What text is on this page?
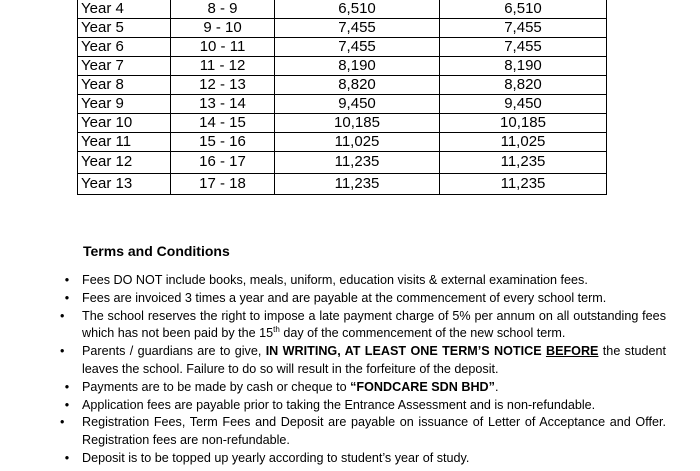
Year 4	8 - 9	6,510	6,510
Year 5	9 - 10	7,455	7,455
Year 6	10 - 11	7,455	7,455
Year 7	11 - 12	8,190	8,190
Year 8	12 - 13	8,820	8,820
Year 9	13 - 14	9,450	9,450
Year 10	14 - 15	10,185	10,185
Year 11	15 - 16	11,025	11,025
Year 12	16 - 17	11,235	11,235
Year 13	17 - 18	11,235	11,235
Terms and Conditions
•	Fees DO NOT include books, meals, uniform, education visits & external examination fees.
•	Fees are invoiced 3 times a year and are payable at the commencement of every school term.
•	The school reserves the right to impose a late payment charge of 5% per annum on all outstanding fees which has not been paid by the 15th day of the commencement of the new school term.
•	Parents / guardians are to give, IN WRITING, AT LEAST ONE TERM’S NOTICE BEFORE the student leaves the school. Failure to do so will result in the forfeiture of the deposit.
•	Payments are to be made by cash or cheque to “FONDCARE SDN BHD”.
•	Application fees are payable prior to taking the Entrance Assessment and is non-refundable.
•	Registration Fees, Term Fees and Deposit are payable on issuance of Letter of Acceptance and Offer. Registration fees are non-refundable.
•	Deposit is to be topped up yearly according to student’s year of study.
